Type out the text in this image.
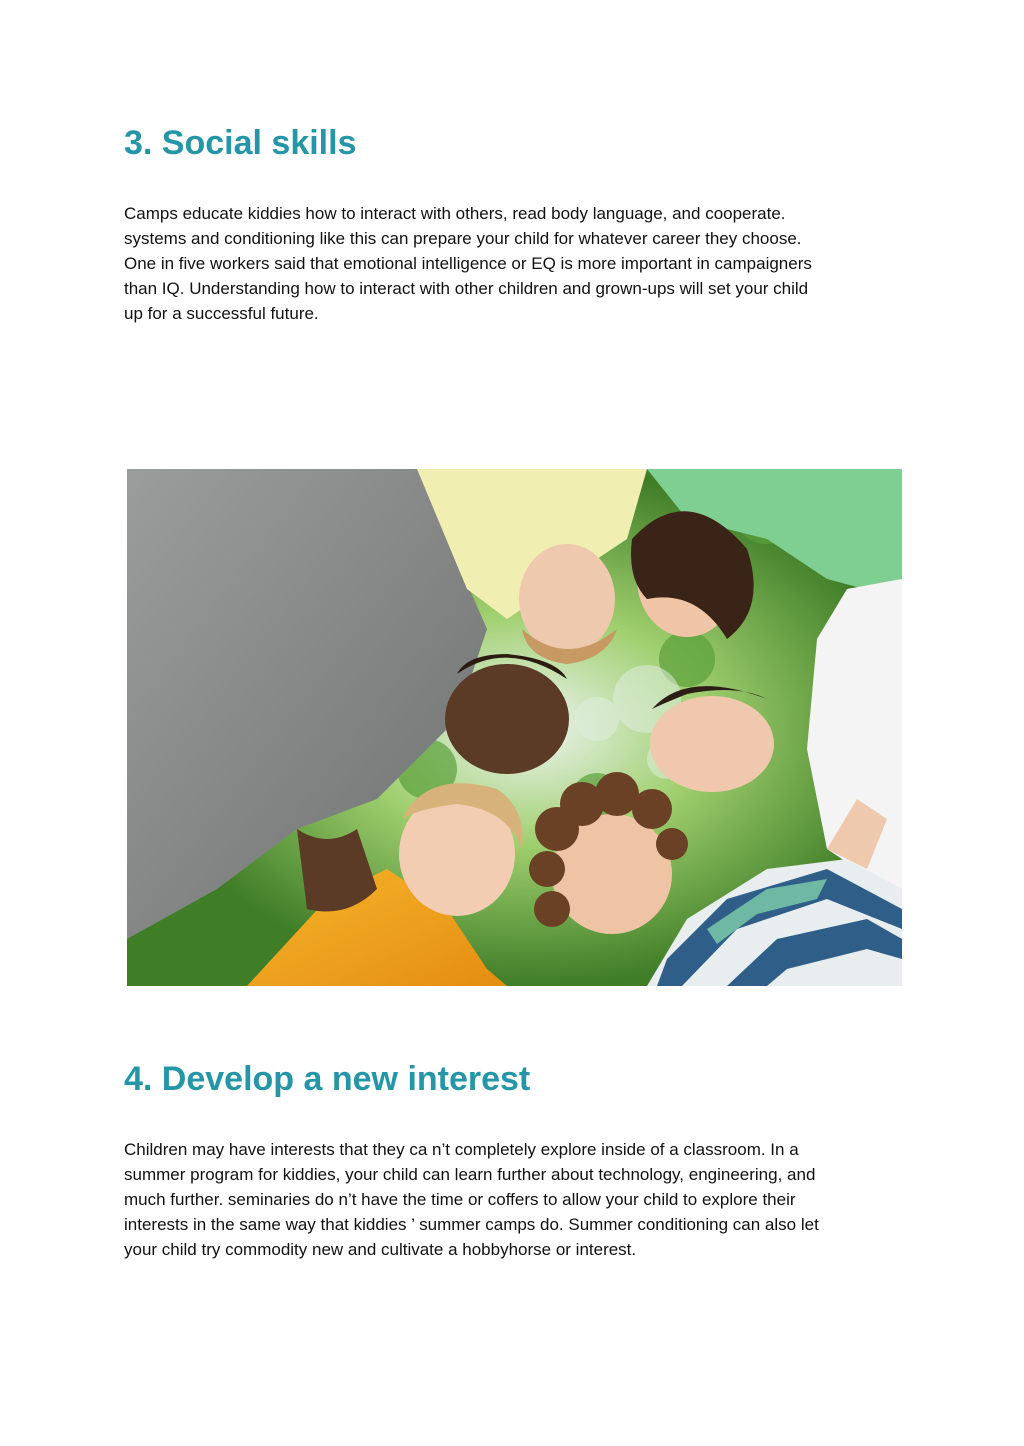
3. Social skills
Camps educate kiddies how to interact with others, read body language, and cooperate.
systems and conditioning like this can prepare your child for whatever career they choose.
One in five workers said that emotional intelligence or EQ is more important in campaigners
than IQ. Understanding how to interact with other children and grown-ups will set your child
up for a successful future.
4. Develop a new interest
Children may have interests that they ca n’t completely explore inside of a classroom. In a
summer program for kiddies, your child can learn further about technology, engineering, and
much further. seminaries do n’t have the time or coffers to allow your child to explore their
interests in the same way that kiddies ’ summer camps do. Summer conditioning can also let
your child try commodity new and cultivate a hobbyhorse or interest.
